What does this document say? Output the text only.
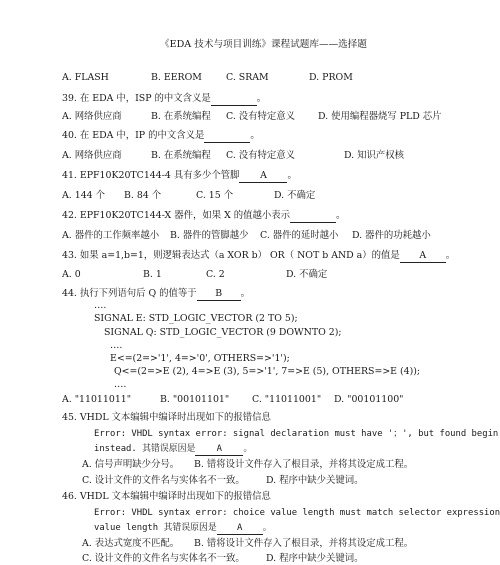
《EDA 技术与项目训练》课程试题库——选择题
A. FLASH	B. EEROM	C. SRAM	D. PROM
39. 在 EDA 中，ISP 的中文含义是	。
A. 网络供应商	B. 在系统编程 C. 没有特定意义 D. 使用编程器烧写 PLD 芯片
40. 在 EDA 中，IP 的中文含义是	。
A. 网络供应商	B. 在系统编程 C. 没有特定意义	D. 知识产权核
41. EPF10K20TC144-4 具有多少个管脚 A 。
A. 144 个 B. 84 个	C. 15 个	D. 不确定
42. EPF10K20TC144-X 器件，如果 X 的值越小表示	。
A. 器件的工作频率越小 B. 器件的管脚越少 C. 器件的延时越小 D. 器件的功耗越小
43. 如果 a=1,b=1，则逻辑表达式（a XOR b） OR（ NOT b AND a）的值是 A 。
A. 0	B. 1	C. 2	D. 不确定
44. 执行下列语句后 Q 的值等于 B 。
….
SIGNAL E: STD_LOGIC_VECTOR (2 TO 5);
SIGNAL Q: STD_LOGIC_VECTOR (9 DOWNTO 2);
….
E<=(2=>'1', 4=>'0', OTHERS=>'1');
Q<=(2=>E (2), 4=>E (3), 5=>'1', 7=>E (5), OTHERS=>E (4));
….
A. "11011011"	B. "00101101" C. "11011001" D. "00101100"
45. VHDL 文本编辑中编译时出现如下的报错信息
Error: VHDL syntax error: signal declaration must have '；', but found begin
instead. 其错误原因是 A 。
A. 信号声明缺少分号。 B. 错将设计文件存入了根目录，并将其设定成工程。
C. 设计文件的文件名与实体名不一致。 D. 程序中缺少关键词。
46. VHDL 文本编辑中编译时出现如下的报错信息
Error: VHDL syntax error: choice value length must match selector expression
value length 其错误原因是 A 。
A. 表达式宽度不匹配。 B. 错将设计文件存入了根目录，并将其设定成工程。
C. 设计文件的文件名与实体名不一致。 D. 程序中缺少关键词。
